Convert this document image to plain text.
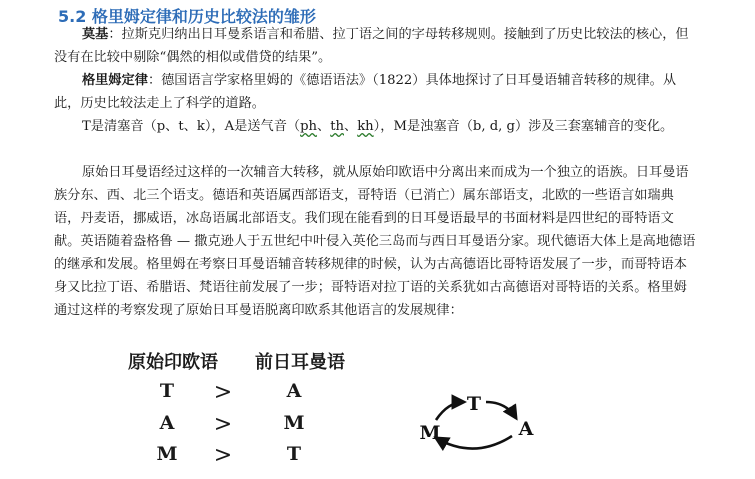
5.2 格里姆定律和历史比较法的雏形

莫基：拉斯克归纳出日耳曼系语言和希腊、拉丁语之间的字母转移规则。接触到了历史比较法的核心，但没有在比较中剔除“偶然的相似或借贷的结果”。

格里姆定律：德国语言学家格里姆的《德语语法》（1822）具体地探讨了日耳曼语辅音转移的规律。从此，历史比较法走上了科学的道路。

T是清塞音（p、t、k），A是送气音（ph、th、kh），M是浊塞音（b, d, g）涉及三套塞辅音的变化。

原始日耳曼语经过这样的一次辅音大转移，就从原始印欧语中分离出来而成为一个独立的语族。日耳曼语族分东、西、北三个语支。德语和英语属西部语支，哥特语（已消亡）属东部语支，北欧的一些语言如瑞典语，丹麦语，挪威语，冰岛语属北部语支。我们现在能看到的日耳曼语最早的书面材料是四世纪的哥特语文献。英语随着盎格鲁 — 撒克逊人于五世纪中叶侵入英伦三岛而与西日耳曼语分家。现代德语大体上是高地德语的继承和发展。格里姆在考察日耳曼语辅音转移规律的时候，认为古高德语比哥特语发展了一步，而哥特语本身又比拉丁语、希腊语、梵语往前发展了一步；哥特语对拉丁语的关系犹如古高德语对哥特语的关系。格里姆通过这样的考察发现了原始日耳曼语脱离印欧系其他语言的发展规律：

原始印欧语 前日耳曼语
T	>	A
A	>	M
M >	T
T
A
M
